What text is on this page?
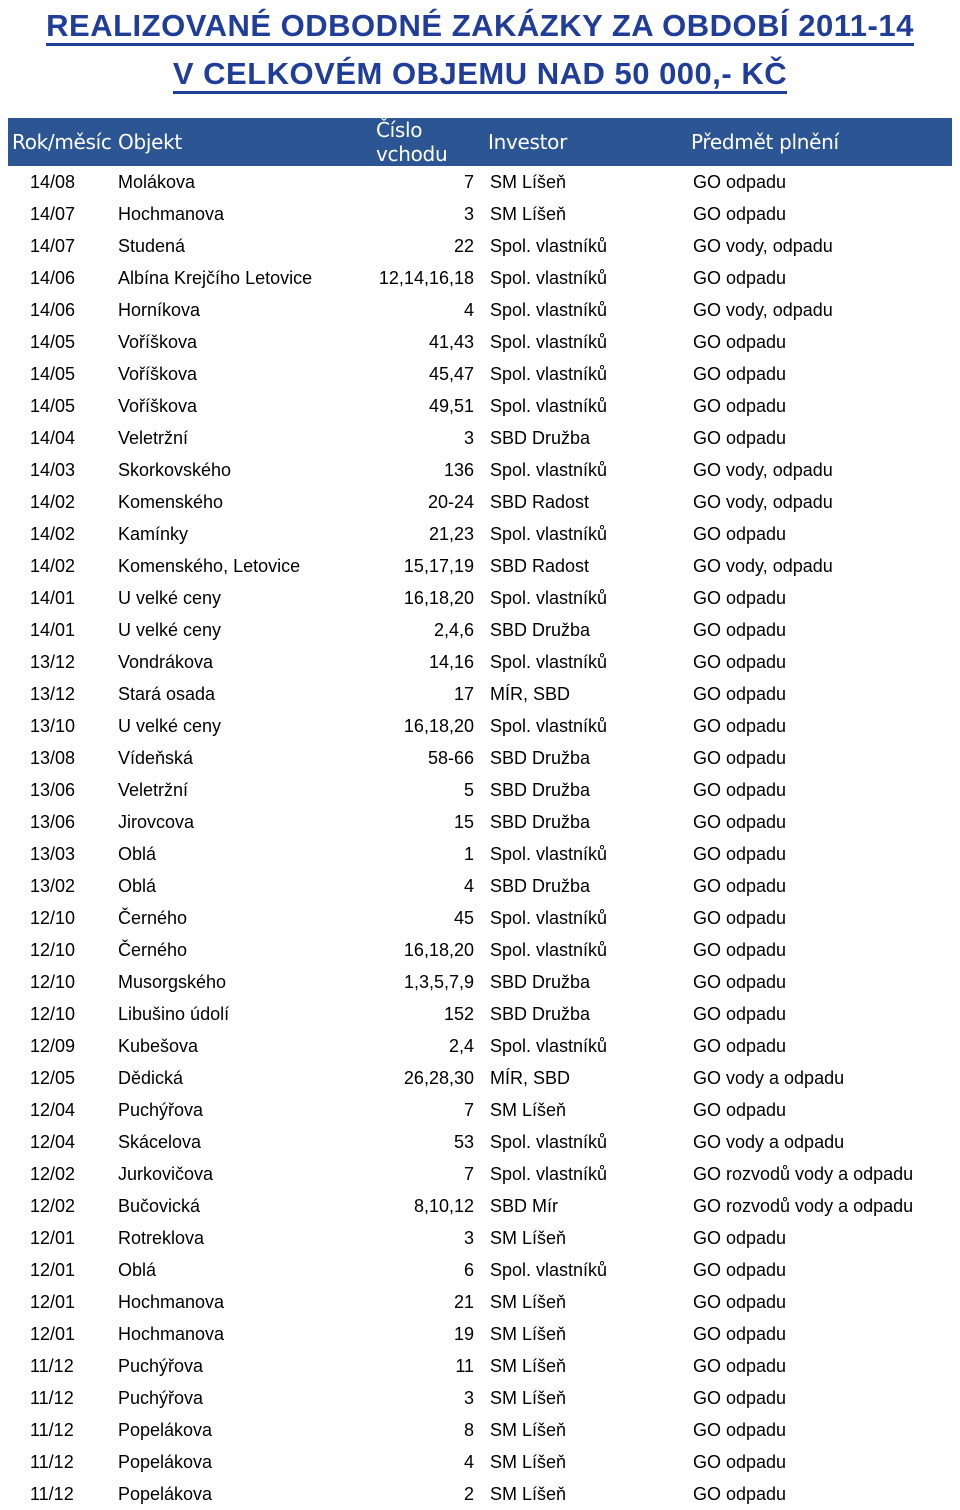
REALIZOVANÉ ODBODNÉ ZAKÁZKY ZA OBDOBÍ 2011-14
V CELKOVÉM OBJEMU NAD 50 000,- KČ
Rok/měsíc	Objekt	Číslo vchodu	Investor	Předmět plnění
14/08	Molákova	7	SM Líšeň	GO odpadu
14/07	Hochmanova	3	SM Líšeň	GO odpadu
14/07	Studená	22	Spol. vlastníků	GO vody, odpadu
14/06	Albína Krejčího Letovice	12,14,16,18	Spol. vlastníků	GO odpadu
14/06	Horníkova	4	Spol. vlastníků	GO vody, odpadu
14/05	Voříškova	41,43	Spol. vlastníků	GO odpadu
14/05	Voříškova	45,47	Spol. vlastníků	GO odpadu
14/05	Voříškova	49,51	Spol. vlastníků	GO odpadu
14/04	Veletržní	3	SBD Družba	GO odpadu
14/03	Skorkovského	136	Spol. vlastníků	GO vody, odpadu
14/02	Komenského	20-24	SBD Radost	GO vody, odpadu
14/02	Kamínky	21,23	Spol. vlastníků	GO odpadu
14/02	Komenského, Letovice	15,17,19	SBD Radost	GO vody, odpadu
14/01	U velké ceny	16,18,20	Spol. vlastníků	GO odpadu
14/01	U velké ceny	2,4,6	SBD Družba	GO odpadu
13/12	Vondrákova	14,16	Spol. vlastníků	GO odpadu
13/12	Stará osada	17	MÍR, SBD	GO odpadu
13/10	U velké ceny	16,18,20	Spol. vlastníků	GO odpadu
13/08	Vídeňská	58-66	SBD Družba	GO odpadu
13/06	Veletržní	5	SBD Družba	GO odpadu
13/06	Jirovcova	15	SBD Družba	GO odpadu
13/03	Oblá	1	Spol. vlastníků	GO odpadu
13/02	Oblá	4	SBD Družba	GO odpadu
12/10	Černého	45	Spol. vlastníků	GO odpadu
12/10	Černého	16,18,20	Spol. vlastníků	GO odpadu
12/10	Musorgského	1,3,5,7,9	SBD Družba	GO odpadu
12/10	Libušino údolí	152	SBD Družba	GO odpadu
12/09	Kubešova	2,4	Spol. vlastníků	GO odpadu
12/05	Dědická	26,28,30	MÍR, SBD	GO vody a odpadu
12/04	Puchýřova	7	SM Líšeň	GO odpadu
12/04	Skácelova	53	Spol. vlastníků	GO vody a odpadu
12/02	Jurkovičova	7	Spol. vlastníků	GO rozvodů vody a odpadu
12/02	Bučovická	8,10,12	SBD Mír	GO rozvodů vody a odpadu
12/01	Rotreklova	3	SM Líšeň	GO odpadu
12/01	Oblá	6	Spol. vlastníků	GO odpadu
12/01	Hochmanova	21	SM Líšeň	GO odpadu
12/01	Hochmanova	19	SM Líšeň	GO odpadu
11/12	Puchýřova	11	SM Líšeň	GO odpadu
11/12	Puchýřova	3	SM Líšeň	GO odpadu
11/12	Popelákova	8	SM Líšeň	GO odpadu
11/12	Popelákova	4	SM Líšeň	GO odpadu
11/12	Popelákova	2	SM Líšeň	GO odpadu
